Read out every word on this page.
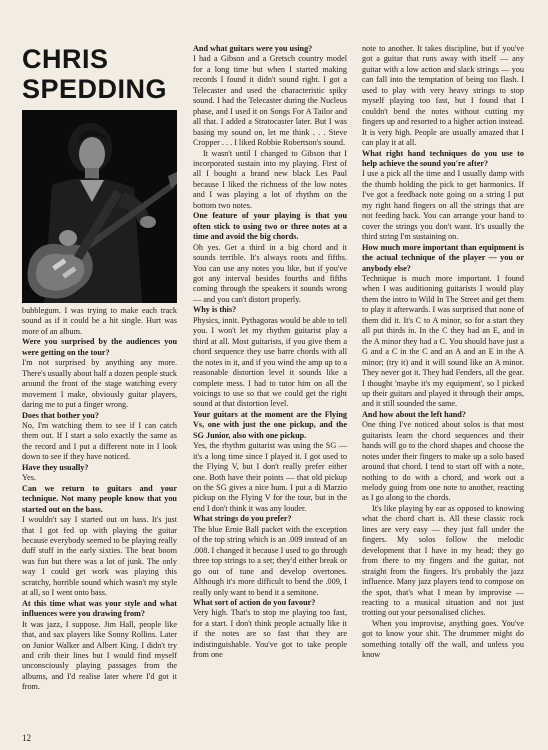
CHRIS
SPEDDING

bubblegum. I was trying to make each track sound as if it could be a hit single. Hurt was more of an album.

Were you surprised by the audiences you were getting on the tour?

I'm not surprised by anything any more. There's usually about half a dozen people stuck around the front of the stage watching every movement I make, obviously guitar players, daring me to put a finger wrong.

Does that bother you?

No, I'm watching them to see if I can catch them out. If I start a solo exactly the same as the record and I put a different note in I look down to see if they have noticed.

Have they usually?

Yes.

Can we return to guitars and your technique. Not many people know that you started out on the bass.

I wouldn't say I started out on bass. It's just that I got fed up with playing the guitar because everybody seemed to be playing really duff stuff in the early sixties. The beat boom was fun but there was a lot of junk. The only way I could get work was playing this scratchy, horrible sound which wasn't my style at all, so I went onto bass.

At this time what was your style and what influences were you drawing from?

It was jazz, I suppose. Jim Hall, people like that, and sax players like Sonny Rollins. Later on Junior Walker and Albert King. I didn't try and crib their lines but I would find myself unconsciously playing passages from the albums, and I'd realise later where I'd got it from.

And what guitars were you using?

I had a Gibson and a Gretsch country model for a long time but when I started making records I found it didn't sound right. I got a Telecaster and used the characteristic spiky sound. I had the Telecaster during the Nucleus phase, and I used it on Songs For A Tailor and all that. I added a Stratocaster later. But I was basing my sound on, let me think . . . Steve Cropper . . . I liked Robbie Robertson's sound.

It wasn't until I changed to Gibson that I incorporated sustain into my playing. First of all I bought a brand new black Les Paul because I liked the richness of the low notes and I was playing a lot of rhythm on the bottom two notes.

One feature of your playing is that you often stick to using two or three notes at a time and avoid the big chords.

Oh yes. Get a third in a big chord and it sounds terrible. It's always roots and fifths. You can use any notes you like, but if you've got any interval besides fourths and fifths coming through the speakers it sounds wrong — and you can't distort properly.

Why is this?

Physics, innit. Pythagoras would be able to tell you. I won't let my rhythm guitarist play a third at all. Most guitarists, if you give them a chord sequence they use barre chords with all the notes in it, and if you wind the amp up to a reasonable distortion level it sounds like a complete mess. I had to tutor him on all the voicings to use so that we could get the right sound at that distortion level.

Your guitars at the moment are the Flying Vs, one with just the one pickup, and the SG Junior, also with one pickup.

Yes, the rhythm guitarist was using the SG — it's a long time since I played it. I got used to the Flying V, but I don't really prefer either one. Both have their points — that old pickup on the SG gives a nice hum. I put a di Marzio pickup on the Flying V for the tour, but in the end I don't think it was any louder.

What strings do you prefer?

The blue Ernie Ball packet with the exception of the top string which is an .009 instead of an .008. I changed it because I used to go through three top strings to a set; they'd either break or go out of tune and develop overtones. Although it's more difficult to bend the .009, I really only want to bend it a semitone.

What sort of action do you favour?

Very high. That's to stop me playing too fast, for a start. I don't think people actually like it if the notes are so fast that they are indistinguishable. You've got to take people from one

note to another. It takes discipline, but if you've got a guitar that runs away with itself — any guitar with a low action and slack strings — you can fall into the temptation of being too flash. I used to play with very heavy strings to stop myself playing too fast, but I found that I couldn't bend the notes without cutting my fingers up and resorted to a higher action instead. It is very high. People are usually amazed that I can play it at all.

What right hand techniques do you use to help achieve the sound you're after?

I use a pick all the time and I usually damp with the thumb holding the pick to get harmonics. If I've got a feedback note going on a string I put my right hand fingers on all the strings that are not feeding back. You can arrange your hand to cover the strings you don't want. It's usually the third string I'm sustaining on.

How much more important than equipment is the actual technique of the player — you or anybody else?

Technique is much more important. I found when I was auditioning guitarists I would play them the intro to Wild In The Street and get them to play it afterwards. I was surprised that none of them did it. It's C to A minor, so for a start they all put thirds in. In the C they had an E, and in the A minor they had a C. You should have just a G and a C in the C and an A and an E in the A minor; (try it) and it will sound like an A minor. They never got it. They had Fenders, all the gear. I thought 'maybe it's my equipment', so I picked up their guitars and played it through their amps, and it still sounded the same.

And how about the left hand?

One thing I've noticed about solos is that most guitarists learn the chord sequences and their hands will go to the chord shapes and choose the notes under their fingers to make up a solo based around that chord. I tend to start off with a note, nothing to do with a chord, and work out a melody going from one note to another, reacting as I go along to the chords.

It's like playing by ear as opposed to knowing what the chord chart is. All these classic rock lines are very easy — they just fall under the fingers. My solos follow the melodic development that I have in my head; they go from there to my fingers and the guitar, not straight from the fingers. It's probably the jazz influence. Many jazz players tend to compose on the spot, that's what I mean by improvise — reacting to a musical situation and not just trotting out your personalised cliches.

When you improvise, anything goes. You've got to know your shit. The drummer might do something totally off the wall, and unless you know

12
